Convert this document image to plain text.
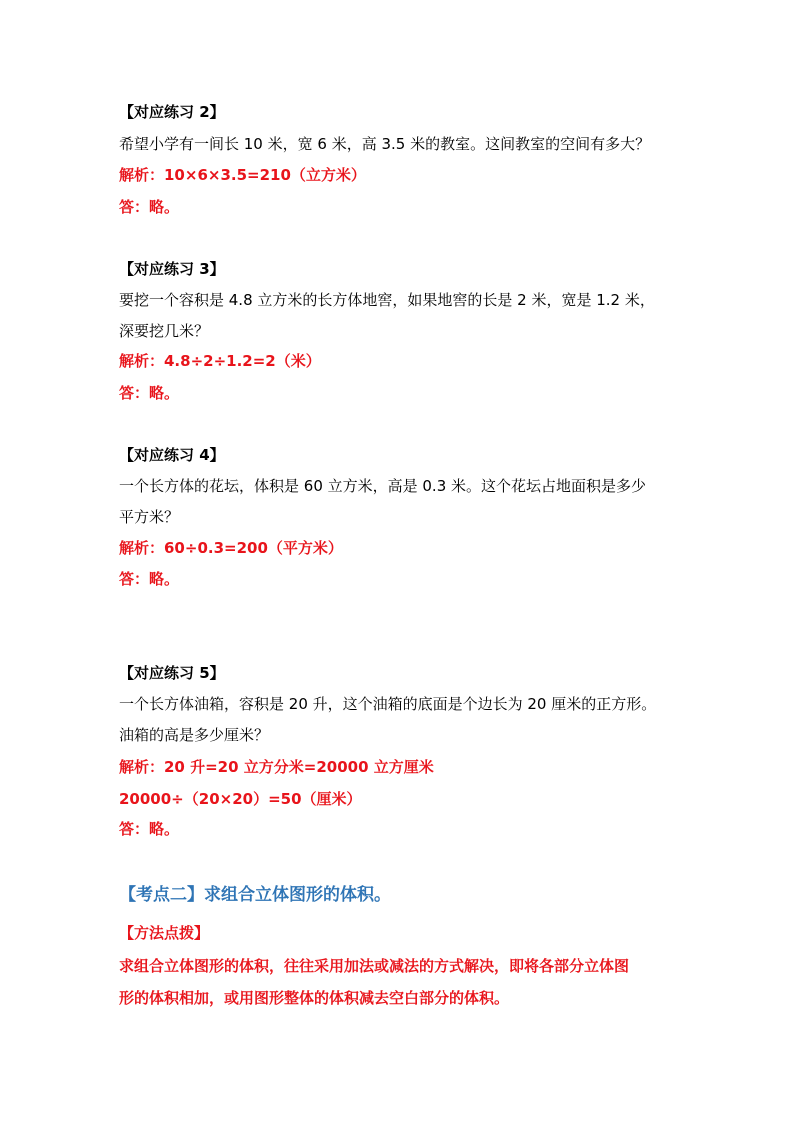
【对应练习 2】
希望小学有一间长 10 米，宽 6 米，高 3.5 米的教室。这间教室的空间有多大？
解析：10×6×3.5=210（立方米）
答：略。
【对应练习 3】
要挖一个容积是 4.8 立方米的长方体地窖，如果地窖的长是 2 米，宽是 1.2 米，
深要挖几米？
解析：4.8÷2÷1.2=2（米）
答：略。
【对应练习 4】
一个长方体的花坛，体积是 60 立方米，高是 0.3 米。这个花坛占地面积是多少
平方米？
解析：60÷0.3=200（平方米）
答：略。
【对应练习 5】
一个长方体油箱，容积是 20 升，这个油箱的底面是个边长为 20 厘米的正方形。
油箱的高是多少厘米？
解析：20 升=20 立方分米=20000 立方厘米
20000÷（20×20）=50（厘米）
答：略。
【考点二】求组合立体图形的体积。
【方法点拨】
求组合立体图形的体积，往往采用加法或减法的方式解决，即将各部分立体图
形的体积相加，或用图形整体的体积减去空白部分的体积。
